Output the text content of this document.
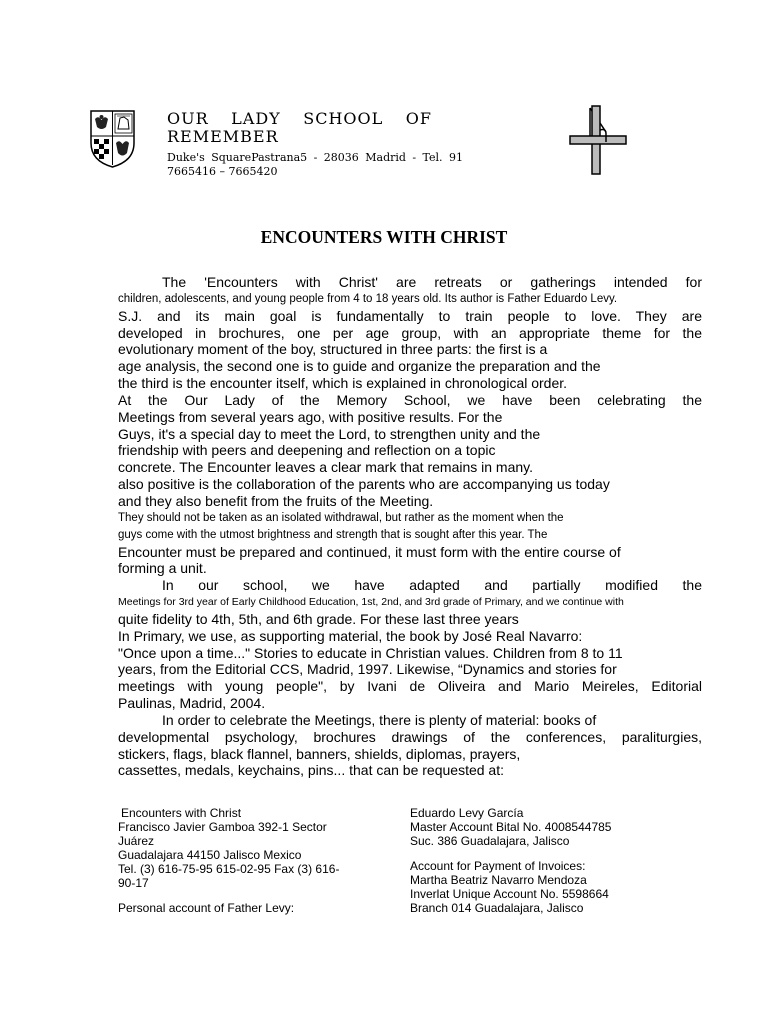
OUR LADY SCHOOL OF

REMEMBER

Duke's SquarePastrana5 - 28036 Madrid - Tel. 91
7665416 – 7665420
ENCOUNTERS WITH CHRIST
The 'Encounters with Christ' are retreats or gatherings intended for
children, adolescents, and young people from 4 to 18 years old. Its author is Father Eduardo Levy.
S.J. and its main goal is fundamentally to train people to love. They are
developed in brochures, one per age group, with an appropriate theme for the
evolutionary moment of the boy, structured in three parts: the first is a
age analysis, the second one is to guide and organize the preparation and the
the third is the encounter itself, which is explained in chronological order.
At the Our Lady of the Memory School, we have been celebrating the
Meetings from several years ago, with positive results. For the
Guys, it's a special day to meet the Lord, to strengthen unity and the
friendship with peers and deepening and reflection on a topic
concrete. The Encounter leaves a clear mark that remains in many.
also positive is the collaboration of the parents who are accompanying us today
and they also benefit from the fruits of the Meeting.
They should not be taken as an isolated withdrawal, but rather as the moment when the
guys come with the utmost brightness and strength that is sought after this year. The
Encounter must be prepared and continued, it must form with the entire course of
forming a unit.
In our school, we have adapted and partially modified the
Meetings for 3rd year of Early Childhood Education, 1st, 2nd, and 3rd grade of Primary, and we continue with
quite fidelity to 4th, 5th, and 6th grade. For these last three years
In Primary, we use, as supporting material, the book by José Real Navarro:
"Once upon a time..." Stories to educate in Christian values. Children from 8 to 11
years, from the Editorial CCS, Madrid, 1997. Likewise, “Dynamics and stories for
meetings with young people", by Ivani de Oliveira and Mario Meireles, Editorial
Paulinas, Madrid, 2004.
In order to celebrate the Meetings, there is plenty of material: books of
developmental psychology, brochures drawings of the conferences, paraliturgies,
stickers, flags, black flannel, banners, shields, diplomas, prayers,
cassettes, medals, keychains, pins... that can be requested at:
Encounters with Christ
Francisco Javier Gamboa 392-1 Sector
Juárez
Guadalajara 44150 Jalisco Mexico
Tel. (3) 616-75-95 615-02-95 Fax (3) 616-
90-17
Personal account of Father Levy:
Eduardo Levy García
Master Account Bital No. 4008544785
Suc. 386 Guadalajara, Jalisco
Account for Payment of Invoices:
Martha Beatriz Navarro Mendoza
Inverlat Unique Account No. 5598664
Branch 014 Guadalajara, Jalisco
